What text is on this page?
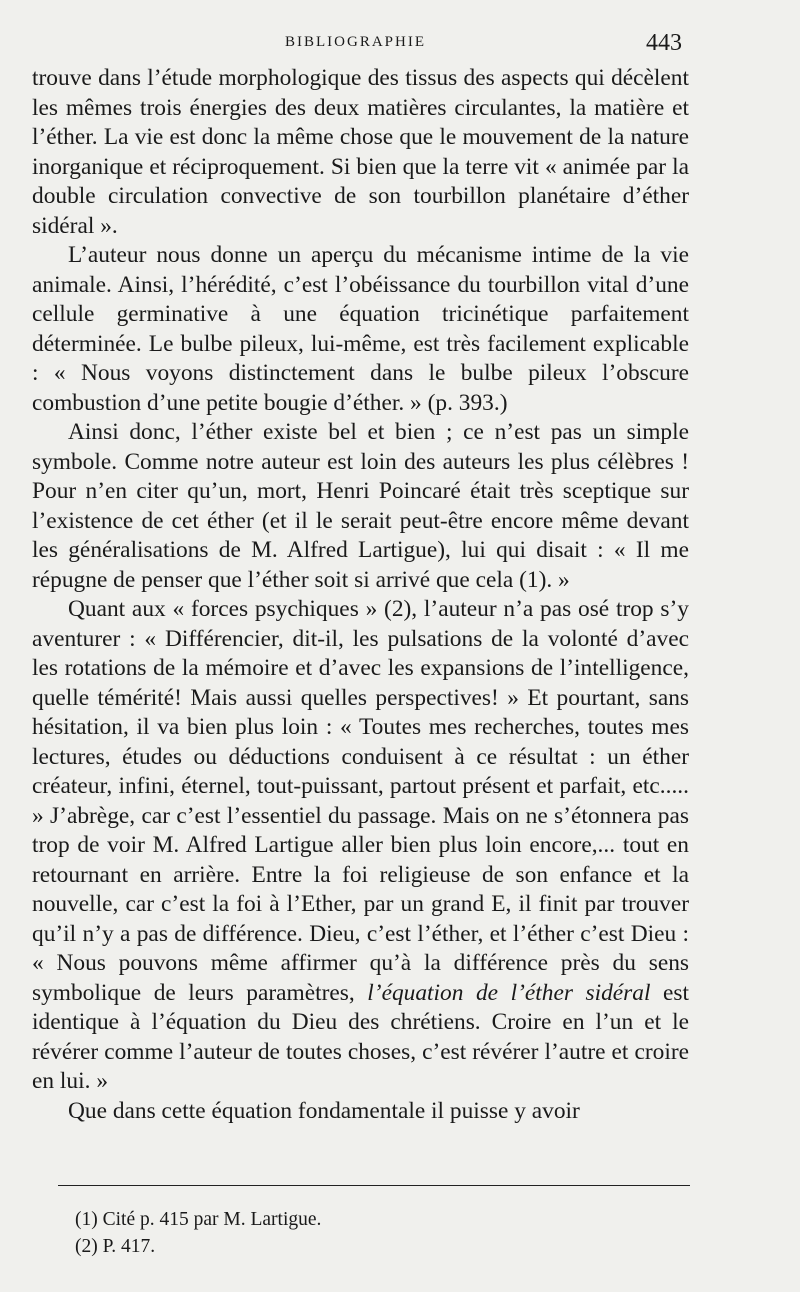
BIBLIOGRAPHIE	443

trouve dans l’étude morphologique des tissus des aspects qui décèlent les mêmes trois énergies des deux matières circulantes, la matière et l’éther. La vie est donc la même chose que le mouvement de la nature inorganique et réciproquement. Si bien que la terre vit « animée par la double circulation convective de son tourbillon planétaire d’éther sidéral ».

L’auteur nous donne un aperçu du mécanisme intime de la vie animale. Ainsi, l’hérédité, c’est l’obéissance du tourbillon vital d’une cellule germinative à une équation tricinétique parfaitement déterminée. Le bulbe pileux, lui-même, est très facilement explicable : « Nous voyons distinctement dans le bulbe pileux l’obscure combustion d’une petite bougie d’éther. » (p. 393.)

Ainsi donc, l’éther existe bel et bien ; ce n’est pas un simple symbole. Comme notre auteur est loin des auteurs les plus célèbres ! Pour n’en citer qu’un, mort, Henri Poincaré était très sceptique sur l’existence de cet éther (et il le serait peut-être encore même devant les généralisations de M. Alfred Lartigue), lui qui disait : « Il me répugne de penser que l’éther soit si arrivé que cela (1). »

Quant aux « forces psychiques » (2), l’auteur n’a pas osé trop s’y aventurer : « Différencier, dit-il, les pulsations de la volonté d’avec les rotations de la mémoire et d’avec les expansions de l’intelligence, quelle témérité! Mais aussi quelles perspectives! » Et pourtant, sans hésitation, il va bien plus loin : « Toutes mes recherches, toutes mes lectures, études ou déductions conduisent à ce résultat : un éther créateur, infini, éternel, tout-puissant, partout présent et parfait, etc..... » J’abrège, car c’est l’essentiel du passage. Mais on ne s’étonnera pas trop de voir M. Alfred Lartigue aller bien plus loin encore,... tout en retournant en arrière. Entre la foi religieuse de son enfance et la nouvelle, car c’est la foi à l’Ether, par un grand E, il finit par trouver qu’il n’y a pas de différence. Dieu, c’est l’éther, et l’éther c’est Dieu : « Nous pouvons même affirmer qu’à la différence près du sens symbolique de leurs paramètres, l’équation de l’éther sidéral est identique à l’équation du Dieu des chrétiens. Croire en l’un et le révérer comme l’auteur de toutes choses, c’est révérer l’autre et croire en lui. »

Que dans cette équation fondamentale il puisse y avoir

(1) Cité p. 415 par M. Lartigue.

(2) P. 417.
